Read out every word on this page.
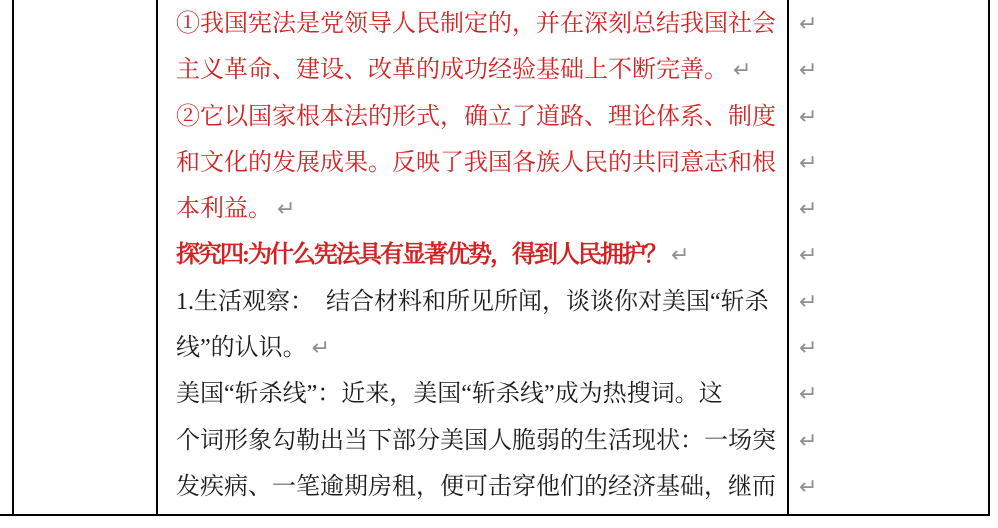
①我国宪法是党领导人民制定的，并在深刻总结我国社会
主义革命、建设、改革的成功经验基础上不断完善。 ↵
②它以国家根本法的形式，确立了道路、理论体系、制度
和文化的发展成果。反映了我国各族人民的共同意志和根
本利益。 ↵
探究四:为什么宪法具有显著优势，得到人民拥护？ ↵
1.生活观察：　结合材料和所见所闻，谈谈你对美国“斩杀
线”的认识。 ↵
美国“斩杀线”：近来，美国“斩杀线”成为热搜词。这
个词形象勾勒出当下部分美国人脆弱的生活现状：一场突
发疾病、一笔逾期房租，便可击穿他们的经济基础，继而
↵
↵
↵
↵
↵
↵
↵
↵
↵
↵
↵
